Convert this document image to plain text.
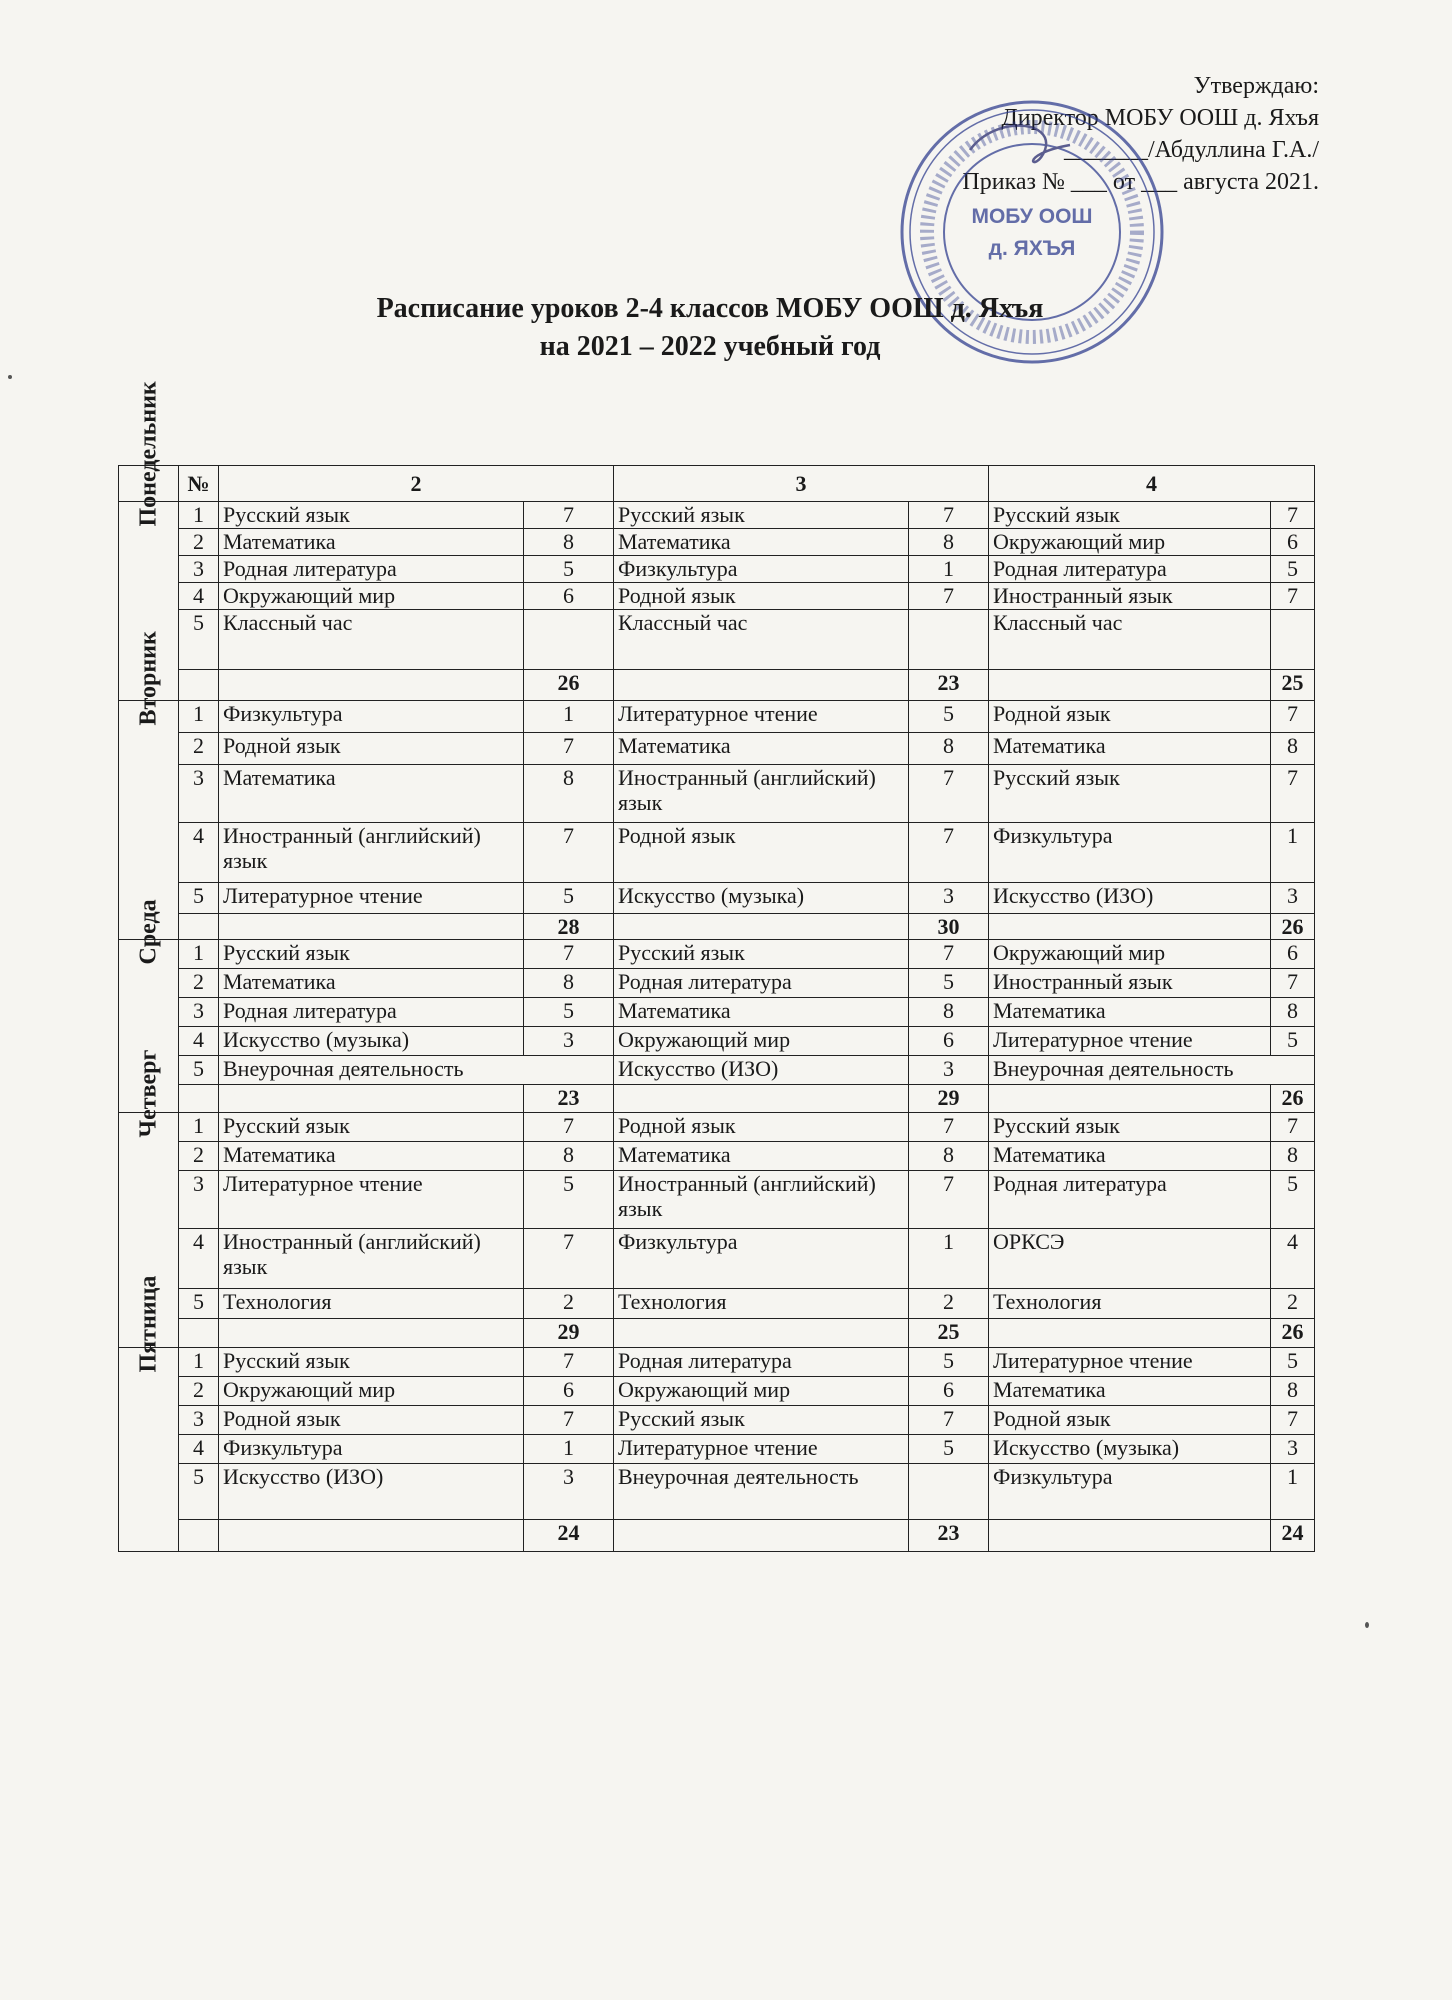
Утверждаю:
Директор МОБУ ООШ д. Яхъя
_______/Абдуллина Г.А./
Приказ № ___ от ___ августа 2021.
МОБУ ООШ
д. ЯХЪЯ
Расписание уроков 2-4 классов МОБУ ООШ д. Яхъя
на 2021 – 2022 учебный год
	№	2		3		4	

Понедельник	1	Русский язык	7	Русский язык	7	Русский язык	7
	2	Математика	8	Математика	8	Окружающий мир	6
	3	Родная литература	5	Физкультура	1	Родная литература	5
	4	Окружающий мир	6	Родной язык	7	Иностранный язык	7
	5	Классный час		Классный час		Классный час	
			26		23		25

Вторник	1	Физкультура	1	Литературное чтение	5	Родной язык	7
	2	Родной язык	7	Математика	8	Математика	8
	3	Математика	8	Иностранный (английский) язык	7	Русский язык	7
	4	Иностранный (английский) язык	7	Родной язык	7	Физкультура	1
	5	Литературное чтение	5	Искусство (музыка)	3	Искусство (ИЗО)	3
			28		30		26

Среда	1	Русский язык	7	Русский язык	7	Окружающий мир	6
	2	Математика	8	Родная литература	5	Иностранный язык	7
	3	Родная литература	5	Математика	8	Математика	8
	4	Искусство (музыка)	3	Окружающий мир	6	Литературное чтение	5
	5	Внеурочная деятельность		Искусство (ИЗО)	3	Внеурочная деятельность	
			23		29		26

Четверг	1	Русский язык	7	Родной язык	7	Русский язык	7
	2	Математика	8	Математика	8	Математика	8
	3	Литературное чтение	5	Иностранный (английский) язык	7	Родная литература	5
	4	Иностранный (английский) язык	7	Физкультура	1	ОРКСЭ	4
	5	Технология	2	Технология	2	Технология	2
			29		25		26

Пятница	1	Русский язык	7	Родная литература	5	Литературное чтение	5
	2	Окружающий мир	6	Окружающий мир	6	Математика	8
	3	Родной язык	7	Русский язык	7	Родной язык	7
	4	Физкультура	1	Литературное чтение	5	Искусство (музыка)	3
	5	Искусство (ИЗО)	3	Внеурочная деятельность		Физкультура	1
			24		23		24
